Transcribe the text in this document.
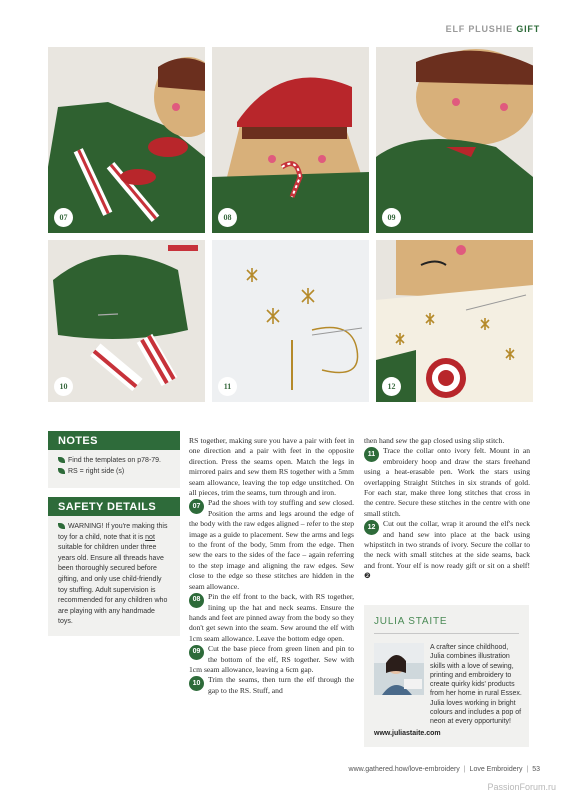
ELF PLUSHIE GIFT
07	08	09
10	11	12
NOTES
Find the templates on p78-79.
RS = right side (s)
SAFETY DETAILS
WARNING! If you're making this toy for a child, note that it is not suitable for children under three years old. Ensure all threads have been thoroughly secured before gifting, and only use child-friendly toy stuffing. Adult supervision is recommended for any children who are playing with any handmade toys.

RS together, making sure you have a pair with feet in one direction and a pair with feet in the opposite direction. Press the seams open. Match the legs in mirrored pairs and sew them RS together with a 5mm seam allowance, leaving the top edge unstitched. On all pieces, trim the seams, turn through and iron.

07	Pad the shoes with toy stuffing and sew closed. Position the arms and legs around the edge of the body with the raw edges aligned – refer to the step image as a guide to placement. Sew the arms and legs to the front of the body, 5mm from the edge. Then sew the ears to the sides of the face – again referring to the step image and aligning the raw edges. Sew close to the edge so these stitches are hidden in the seam allowance.

08	Pin the elf front to the back, with RS together, lining up the hat and neck seams. Ensure the hands and feet are pinned away from the body so they don't get sewn into the seam. Sew around the elf with 1cm seam allowance. Leave the bottom edge open.

09	Cut the base piece from green linen and pin to the bottom of the elf, RS together. Sew with 1cm seam allowance, leaving a 6cm gap.

10	Trim the seams, then turn the elf through the gap to the RS. Stuff, and

then hand sew the gap closed using slip stitch.

11	Trace the collar onto ivory felt. Mount in an embroidery hoop and draw the stars freehand using a heat-erasable pen. Work the stars using overlapping Straight Stitches in six strands of gold. For each star, make three long stitches that cross in the centre. Secure these stitches in the centre with one small stitch.

12	Cut out the collar, wrap it around the elf's neck and hand sew into place at the back using whipstitch in two strands of ivory. Secure the collar to the neck with small stitches at the side seams, back and front. Your elf is now ready gift or sit on a shelf! ❷

JULIA STAITE
A crafter since childhood, Julia combines illustration skills with a love of sewing, printing and embroidery to create quirky kids' products from her home in rural Essex. Julia loves working in bright colours and includes a pop of neon at every opportunity!
www.juliastaite.com
www.gathered.how/love-embroidery | Love Embroidery | 53
PassionForum.ru
